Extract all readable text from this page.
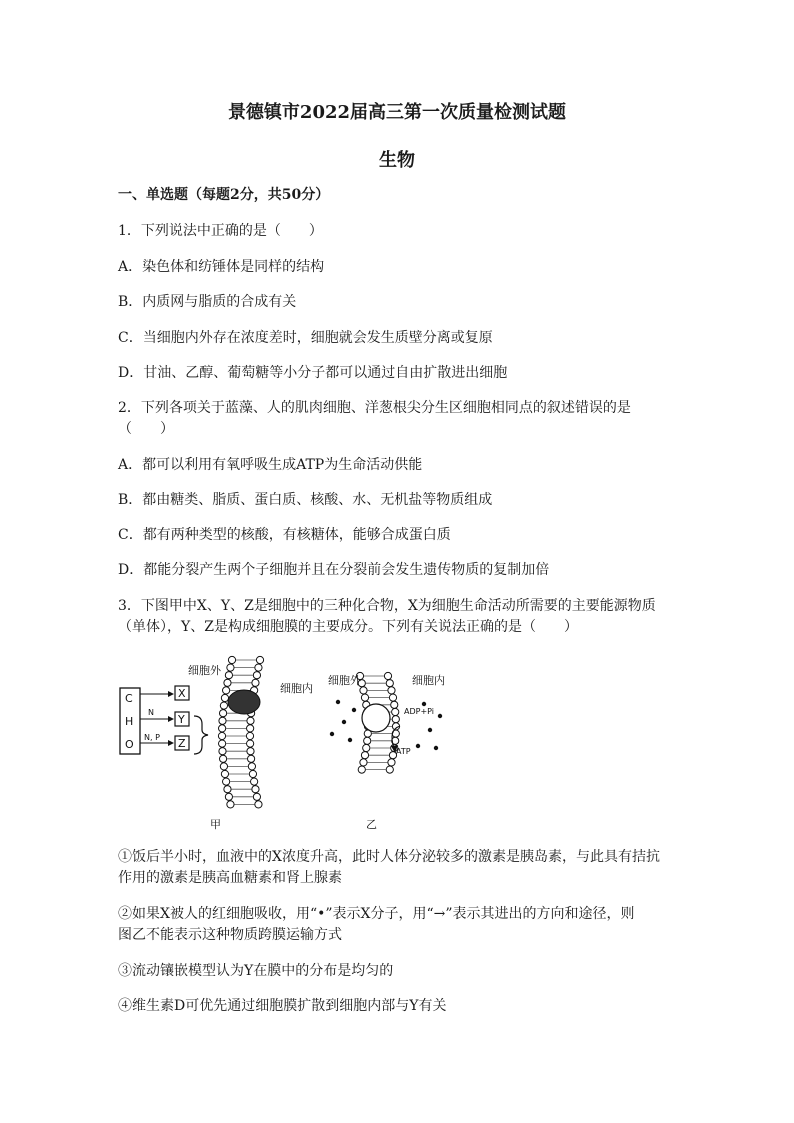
景德镇市2022届高三第一次质量检测试题
生物
一、单选题（每题2分，共50分）
1．下列说法中正确的是（　　）
A．染色体和纺锤体是同样的结构
B．内质网与脂质的合成有关
C．当细胞内外存在浓度差时，细胞就会发生质壁分离或复原
D．甘油、乙醇、葡萄糖等小分子都可以通过自由扩散进出细胞
2．下列各项关于蓝藻、人的肌肉细胞、洋葱根尖分生区细胞相同点的叙述错误的是
（　　）
A．都可以利用有氧呼吸生成ATP为生命活动供能
B．都由糖类、脂质、蛋白质、核酸、水、无机盐等物质组成
C．都有两种类型的核酸，有核糖体，能够合成蛋白质
D．都能分裂产生两个子细胞并且在分裂前会发生遗传物质的复制加倍
3．下图甲中X、Y、Z是细胞中的三种化合物，X为细胞生命活动所需要的主要能源物质
（单体），Y、Z是构成细胞膜的主要成分。下列有关说法正确的是（　　）
C
H
O
N
N, P
X
Y
Z
细胞外
细胞内
细胞外	细胞内
ADP+Pi
ATP
甲	乙
①饭后半小时，血液中的X浓度升高，此时人体分泌较多的激素是胰岛素，与此具有拮抗
作用的激素是胰高血糖素和肾上腺素
②如果X被人的红细胞吸收，用“•”表示X分子，用“→”表示其进出的方向和途径，则
图乙不能表示这种物质跨膜运输方式
③流动镶嵌模型认为Y在膜中的分布是均匀的
④维生素D可优先通过细胞膜扩散到细胞内部与Y有关
